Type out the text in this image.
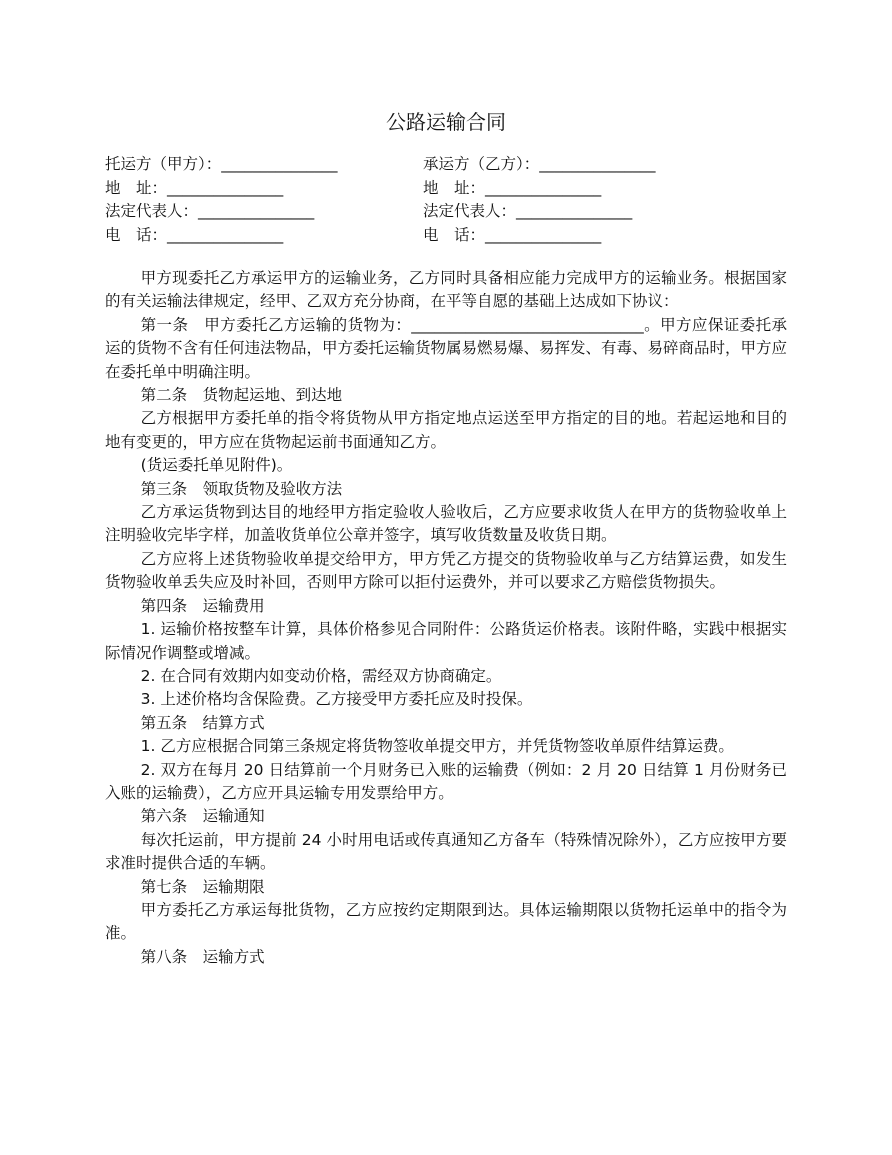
公路运输合同
托运方（甲方）：_______________	承运方（乙方）：_______________
地　址：_______________	地　址：_______________
法定代表人：_______________	法定代表人：_______________
电　话：_______________	电　话：_______________

甲方现委托乙方承运甲方的运输业务，乙方同时具备相应能力完成甲方的运输业务。根据国家的有关运输法律规定，经甲、乙双方充分协商，在平等自愿的基础上达成如下协议：

第一条　甲方委托乙方运输的货物为：______________________________。甲方应保证委托承运的货物不含有任何违法物品，甲方委托运输货物属易燃易爆、易挥发、有毒、易碎商品时，甲方应在委托单中明确注明。

第二条　货物起运地、到达地

乙方根据甲方委托单的指令将货物从甲方指定地点运送至甲方指定的目的地。若起运地和目的地有变更的，甲方应在货物起运前书面通知乙方。

(货运委托单见附件)。

第三条　领取货物及验收方法

乙方承运货物到达目的地经甲方指定验收人验收后，乙方应要求收货人在甲方的货物验收单上注明验收完毕字样，加盖收货单位公章并签字，填写收货数量及收货日期。

乙方应将上述货物验收单提交给甲方，甲方凭乙方提交的货物验收单与乙方结算运费，如发生货物验收单丢失应及时补回，否则甲方除可以拒付运费外，并可以要求乙方赔偿货物损失。

第四条　运输费用

1. 运输价格按整车计算，具体价格参见合同附件：公路货运价格表。该附件略，实践中根据实际情况作调整或增减。

2. 在合同有效期内如变动价格，需经双方协商确定。

3. 上述价格均含保险费。乙方接受甲方委托应及时投保。

第五条　结算方式

1. 乙方应根据合同第三条规定将货物签收单提交甲方，并凭货物签收单原件结算运费。

2. 双方在每月 20 日结算前一个月财务已入账的运输费（例如：2 月 20 日结算 1 月份财务已入账的运输费），乙方应开具运输专用发票给甲方。

第六条　运输通知

每次托运前，甲方提前 24 小时用电话或传真通知乙方备车（特殊情况除外），乙方应按甲方要求准时提供合适的车辆。

第七条　运输期限

甲方委托乙方承运每批货物，乙方应按约定期限到达。具体运输期限以货物托运单中的指令为准。

第八条　运输方式
